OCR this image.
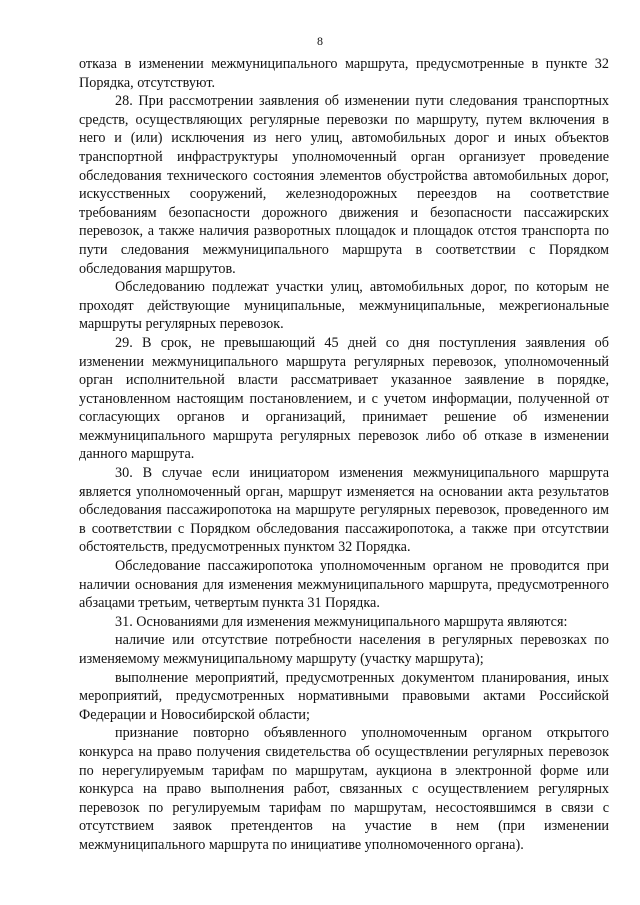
8

отказа в изменении межмуниципального маршрута, предусмотренные в пункте 32 Порядка, отсутствуют.

28. При рассмотрении заявления об изменении пути следования транспортных средств, осуществляющих регулярные перевозки по маршруту, путем включения в него и (или) исключения из него улиц, автомобильных дорог и иных объектов транспортной инфраструктуры уполномоченный орган организует проведение обследования технического состояния элементов обустройства автомобильных дорог, искусственных сооружений, железнодорожных переездов на соответствие требованиям безопасности дорожного движения и безопасности пассажирских перевозок, а также наличия разворотных площадок и площадок отстоя транспорта по пути следования межмуниципального маршрута в соответствии с Порядком обследования маршрутов.

Обследованию подлежат участки улиц, автомобильных дорог, по которым не проходят действующие муниципальные, межмуниципальные, межрегиональные маршруты регулярных перевозок.

29. В срок, не превышающий 45 дней со дня поступления заявления об изменении межмуниципального маршрута регулярных перевозок, уполномоченный орган исполнительной власти рассматривает указанное заявление в порядке, установленном настоящим постановлением, и с учетом информации, полученной от согласующих органов и организаций, принимает решение об изменении межмуниципального маршрута регулярных перевозок либо об отказе в изменении данного маршрута.

30. В случае если инициатором изменения межмуниципального маршрута является уполномоченный орган, маршрут изменяется на основании акта результатов обследования пассажиропотока на маршруте регулярных перевозок, проведенного им в соответствии с Порядком обследования пассажиропотока, а также при отсутствии обстоятельств, предусмотренных пунктом 32 Порядка.

Обследование пассажиропотока уполномоченным органом не проводится при наличии основания для изменения межмуниципального маршрута, предусмотренного абзацами третьим, четвертым пункта 31 Порядка.

31. Основаниями для изменения межмуниципального маршрута являются:

наличие или отсутствие потребности населения в регулярных перевозках по изменяемому межмуниципальному маршруту (участку маршрута);

выполнение мероприятий, предусмотренных документом планирования, иных мероприятий, предусмотренных нормативными правовыми актами Российской Федерации и Новосибирской области;

признание повторно объявленного уполномоченным органом открытого конкурса на право получения свидетельства об осуществлении регулярных перевозок по нерегулируемым тарифам по маршрутам, аукциона в электронной форме или конкурса на право выполнения работ, связанных с осуществлением регулярных перевозок по регулируемым тарифам по маршрутам, несостоявшимся в связи с отсутствием заявок претендентов на участие в нем (при изменении межмуниципального маршрута по инициативе уполномоченного органа).
